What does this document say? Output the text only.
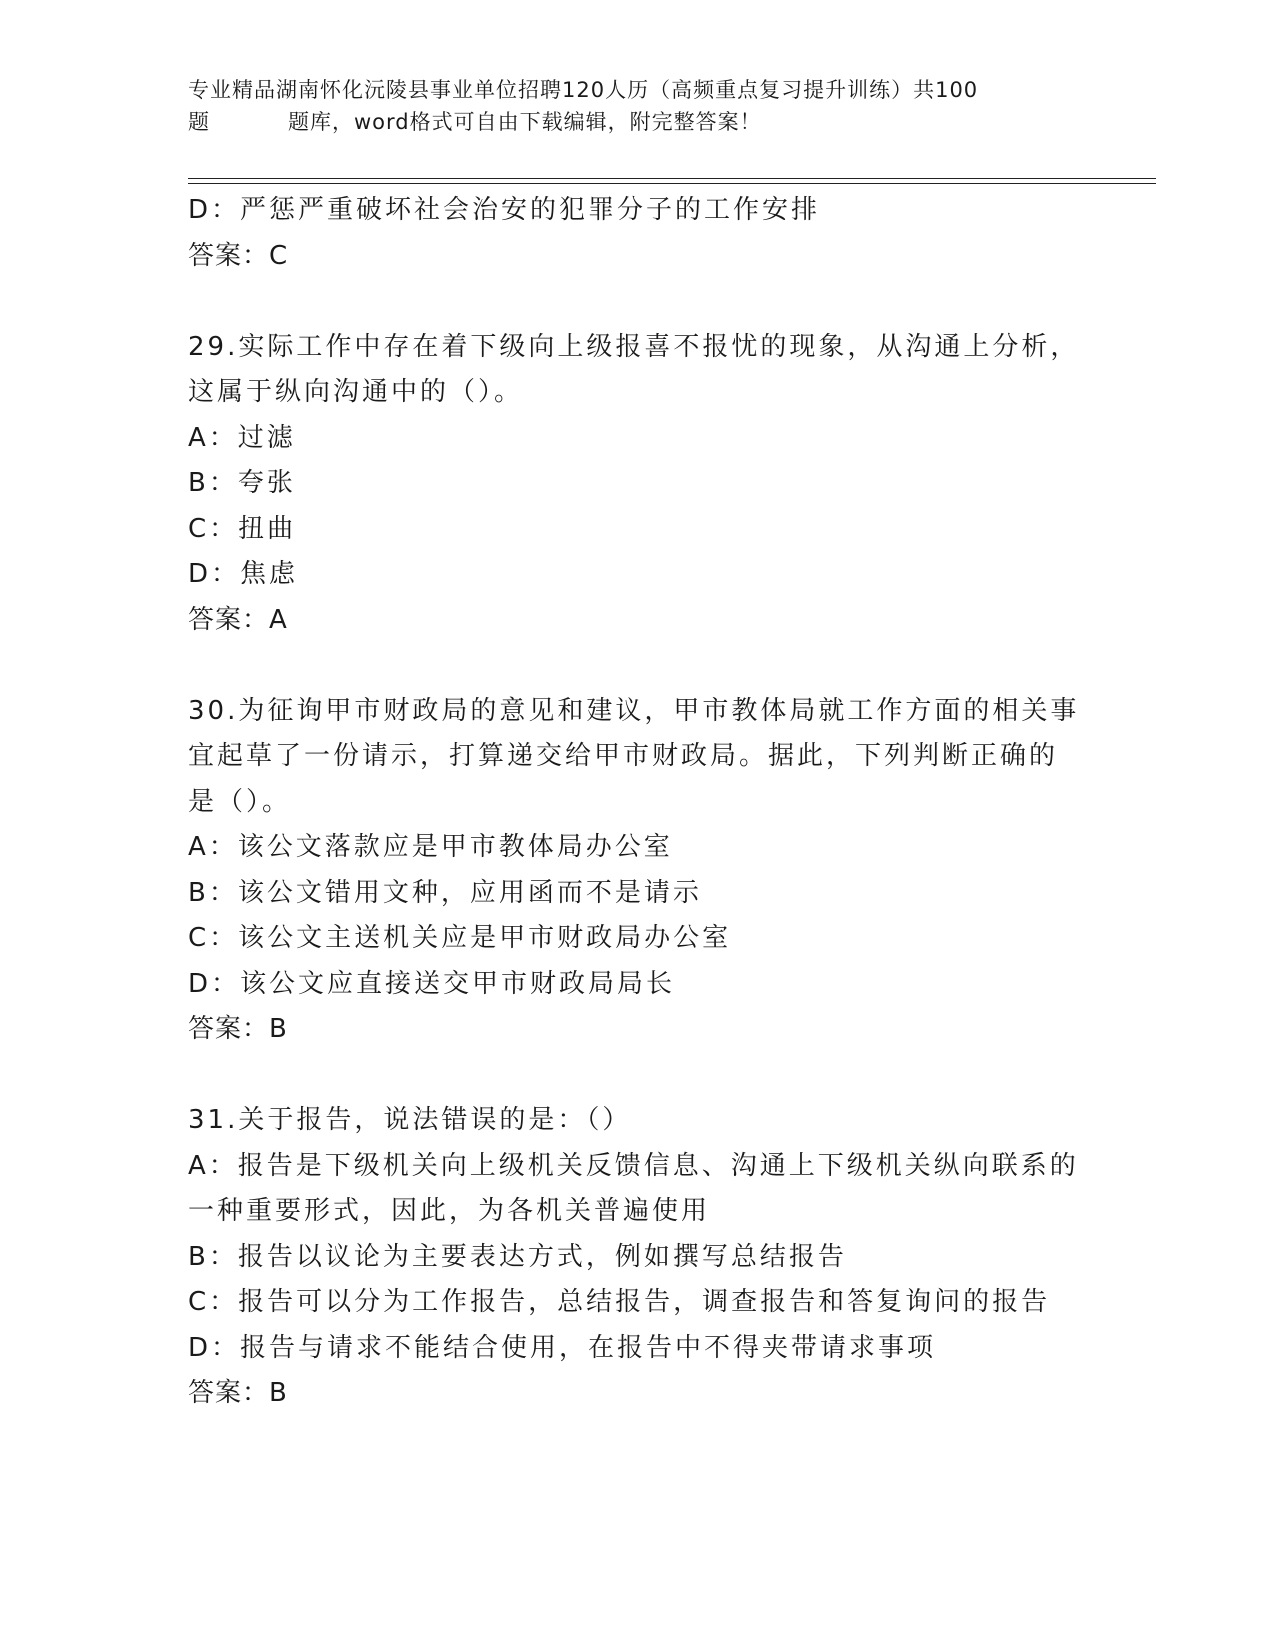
专业精品湖南怀化沅陵县事业单位招聘120人历（高频重点复习提升训练）共100
题	题库，word格式可自由下载编辑，附完整答案！
D：严惩严重破坏社会治安的犯罪分子的工作安排
答案：C
29.实际工作中存在着下级向上级报喜不报忧的现象，从沟通上分析，
这属于纵向沟通中的（）。
A：过滤
B：夸张
C：扭曲
D：焦虑
答案：A
30.为征询甲市财政局的意见和建议，甲市教体局就工作方面的相关事
宜起草了一份请示，打算递交给甲市财政局。据此，下列判断正确的
是（）。
A：该公文落款应是甲市教体局办公室
B：该公文错用文种，应用函而不是请示
C：该公文主送机关应是甲市财政局办公室
D：该公文应直接送交甲市财政局局长
答案：B
31.关于报告，说法错误的是：（）
A：报告是下级机关向上级机关反馈信息、沟通上下级机关纵向联系的
一种重要形式，因此，为各机关普遍使用
B：报告以议论为主要表达方式，例如撰写总结报告
C：报告可以分为工作报告，总结报告，调查报告和答复询问的报告
D：报告与请求不能结合使用，在报告中不得夹带请求事项
答案：B
